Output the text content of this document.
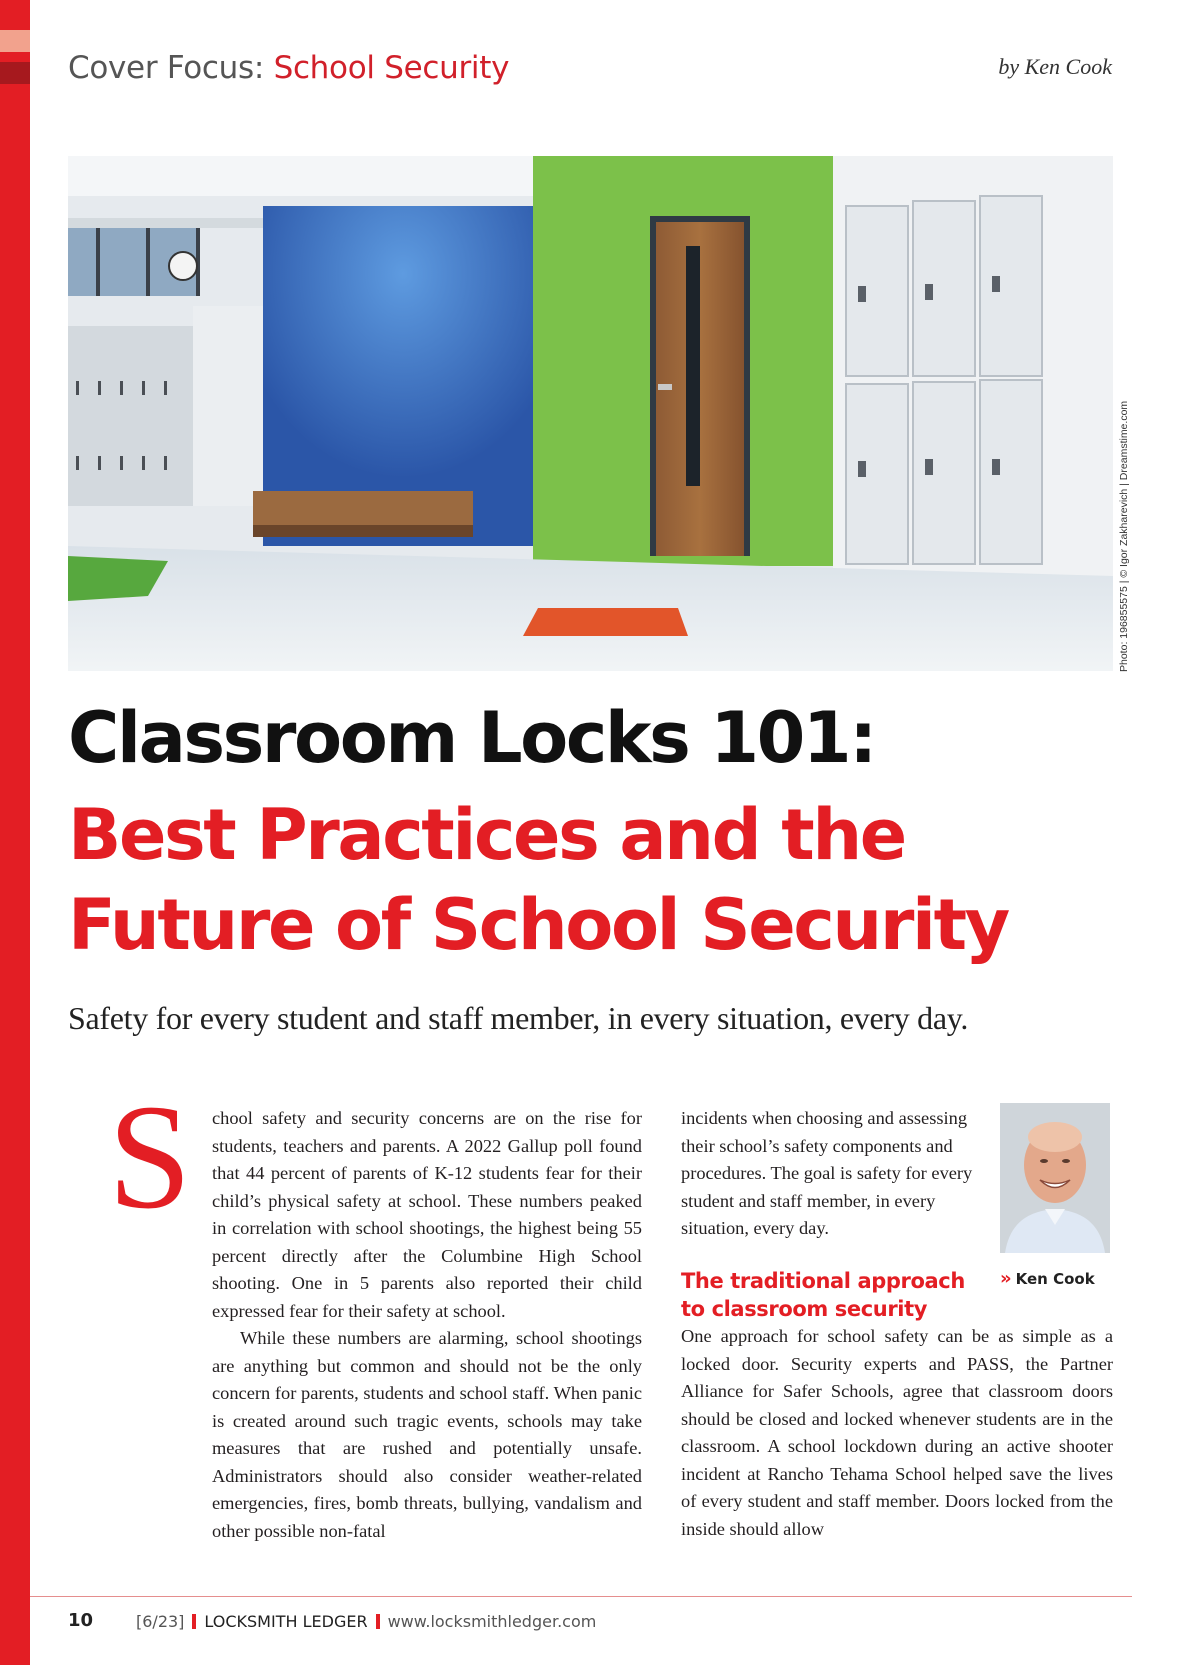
Cover Focus: School Security	by Ken Cook
Photo: 196855575 | © Igor Zakharevich | Dreamstime.com
Classroom Locks 101:
Best Practices and the
Future of School Security
Safety for every student and staff member, in every situation, every day.
S chool safety and security concerns are on the rise for students, teachers and parents. A 2022 Gallup poll found that 44 percent of parents of K-12 students fear for their child’s physical safety at school. These numbers peaked in correlation with school shootings, the highest being 55 percent directly after the Columbine High School shooting. One in 5 parents also reported their child expressed fear for their safety at school.

While these numbers are alarming, school shootings are anything but common and should not be the only concern for parents, students and school staff. When panic is created around such tragic events, schools may take measures that are rushed and potentially unsafe. Administrators should also consider weather-related emergencies, fires, bomb threats, bullying, vandalism and other possible non-fatal

incidents when choosing and assessing their school’s safety components and procedures. The goal is safety for every student and staff member, in every situation, every day.

» Ken Cook
The traditional approach
to classroom security

One approach for school safety can be as simple as a locked door. Security experts and PASS, the Partner Alliance for Safer Schools, agree that classroom doors should be closed and locked whenever students are in the classroom. A school lockdown during an active shooter incident at Rancho Tehama School helped save the lives of every student and staff member. Doors locked from the inside should allow

10	[6/23] LOCKSMITH LEDGER www.locksmithledger.com
